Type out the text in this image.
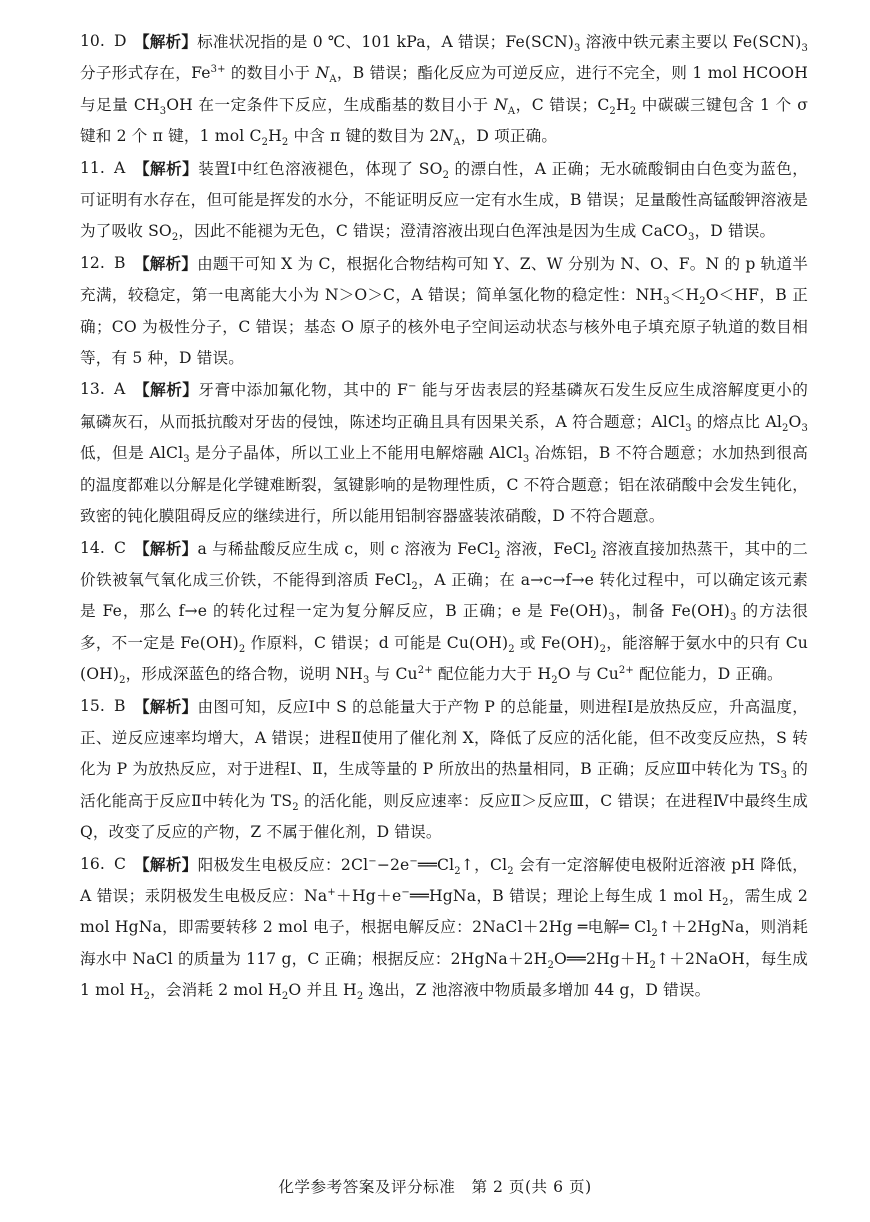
10. D 【解析】标准状况指的是 0 ℃、101 kPa，A 错误；$Fe(SCN)_3$ 溶液中铁元素主要以 $Fe(SCN)_3$ 分子形式存在，$Fe^{3+}$ 的数目小于 $N_A$，B 错误；酯化反应为可逆反应，进行不完全，则 1 mol HCOOH 与足量 $CH_3OH$ 在一定条件下反应，生成酯基的数目小于 $N_A$，C 错误；$C_2H_2$ 中碳碳三键包含 1 个 σ 键和 2 个 π 键，1 mol $C_2H_2$ 中含 π 键的数目为 $2N_A$，D 项正确。
11. A 【解析】装置Ⅰ中红色溶液褪色，体现了 $SO_2$ 的漂白性，A 正确；无水硫酸铜由白色变为蓝色，可证明有水存在，但可能是挥发的水分，不能证明反应一定有水生成，B 错误；足量酸性高锰酸钾溶液是为了吸收 $SO_2$，因此不能褪为无色，C 错误；澄清溶液出现白色浑浊是因为生成 CaCO$_3$，D 错误。
12. B 【解析】由题干可知 X 为 C，根据化合物结构可知 Y、Z、W 分别为 N、O、F。N 的 p 轨道半充满，较稳定，第一电离能大小为 N＞O＞C，A 错误；简单氢化物的稳定性：$NH_3<H_2O<HF$，B 正确；CO 为极性分子，C 错误；基态 O 原子的核外电子空间运动状态与核外电子填充原子轨道的数目相等，有 5 种，D 错误。
13. A 【解析】牙膏中添加氟化物，其中的 F− 能与牙齿表层的羟基磷灰石发生反应生成溶解度更小的氟磷灰石，从而抵抗酸对牙齿的侵蚀，陈述均正确且具有因果关系，A 符合题意；AlCl$_3$ 的熔点比 $Al_2O_3$ 低，但是 AlCl$_3$ 是分子晶体，所以工业上不能用电解熔融 AlCl$_3$ 冶炼铝，B 不符合题意；水加热到很高的温度都难以分解是化学键难断裂，氢键影响的是物理性质，C 不符合题意；铝在浓硝酸中会发生钝化，致密的钝化膜阻碍反应的继续进行，所以能用铝制容器盛装浓硝酸，D 不符合题意。
14. C 【解析】a 与稀盐酸反应生成 c，则 c 溶液为 FeCl$_2$ 溶液，FeCl$_2$ 溶液直接加热蒸干，其中的二价铁被氧气氧化成三价铁，不能得到溶质 FeCl$_2$，A 正确；在 a→c→f→e 转化过程中，可以确定该元素是 Fe，那么 f→e 的转化过程一定为复分解反应，B 正确；e 是 $Fe(OH)_3$，制备 $Fe(OH)_3$ 的方法很多，不一定是 $Fe(OH)_2$ 作原料，C 错误；d 可能是 $Cu(OH)_2$ 或 $Fe(OH)_2$，能溶解于氨水中的只有 $Cu(OH)_2$，形成深蓝色的络合物，说明 $NH_3$ 与 $Cu^{2+}$ 配位能力大于 $H_2O$ 与 $Cu^{2+}$ 配位能力，D 正确。
15. B 【解析】由图可知，反应Ⅰ中 S 的总能量大于产物 P 的总能量，则进程Ⅰ是放热反应，升高温度，正、逆反应速率均增大，A 错误；进程Ⅱ使用了催化剂 X，降低了反应的活化能，但不改变反应热，S 转化为 P 为放热反应，对于进程Ⅰ、Ⅱ，生成等量的 P 所放出的热量相同，B 正确；反应Ⅲ中转化为 $TS_3$ 的活化能高于反应Ⅱ中转化为 $TS_2$ 的活化能，则反应速率：反应Ⅱ＞反应Ⅲ，C 错误；在进程Ⅳ中最终生成 Q，改变了反应的产物，Z 不属于催化剂，D 错误。
16. C 【解析】阳极发生电极反应：$2Cl^--2e^-══Cl_2↑$，$Cl_2$ 会有一定溶解使电极附近溶液 pH 降低，A 错误；汞阴极发生电极反应：Na+＋Hg＋e−══HgNa，B 错误；理论上每生成 1 mol $H_2$，需生成 2 mol HgNa，即需要转移 2 mol 电子，根据电解反应：2NaCl＋2Hg ═电解═ $Cl_2↑+2HgNa$，则消耗海水中 NaCl 的质量为 117 g，C 正确；根据反应：$2HgNa+2H_2O══2Hg+H_2↑+2NaOH$，每生成 1 mol $H_2$，会消耗 2 mol $H_2O$ 并且 $H_2$ 逸出，Z 池溶液中物质最多增加 44 g，D 错误。
化学参考答案及评分标准　第 2 页(共 6 页)
